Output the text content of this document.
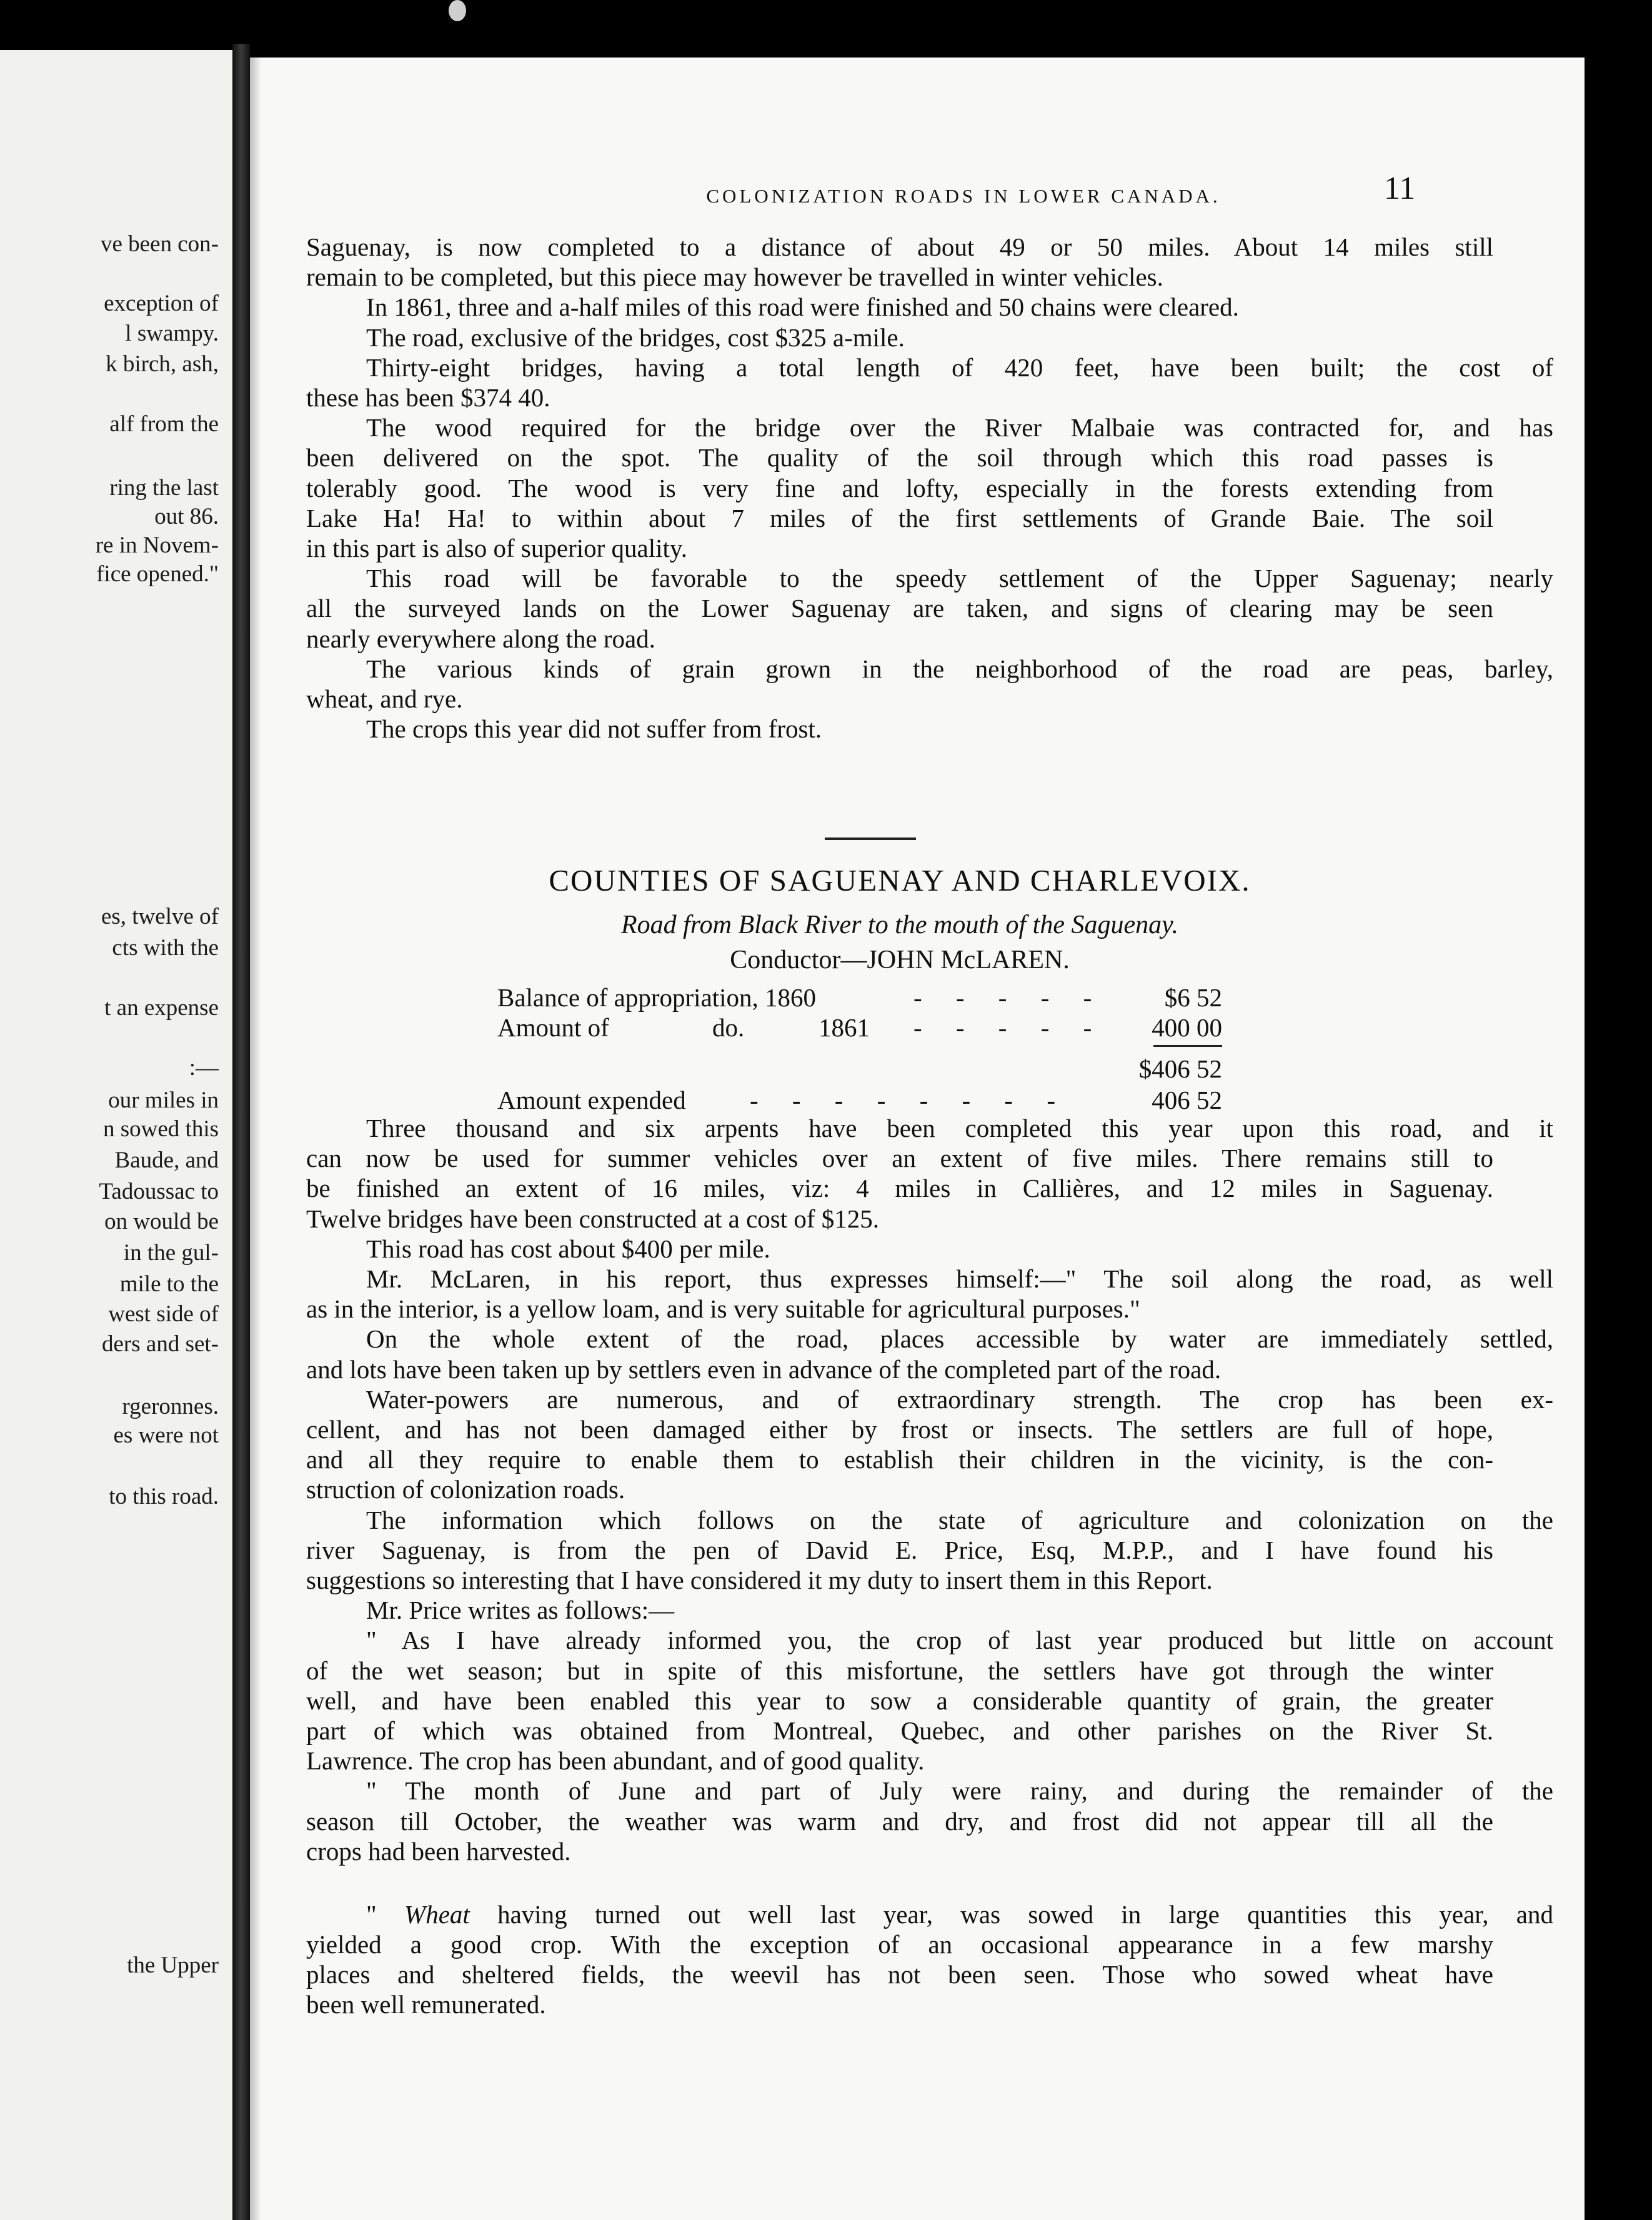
ve been con-
exception of
l swampy.
k birch, ash,
alf from the
ring the last
out 86.
re in Novem-
fice opened."
es, twelve of
cts with the
t an expense
:—
our miles in
n sowed this
Baude, and
Tadoussac to
on would be
in the gul-
mile to the
west side of
ders and set-
rgeronnes.
es were not
to this road.
the Upper
COLONIZATION ROADS IN LOWER CANADA.	11
Saguenay, is now completed to a distance of about 49 or 50 miles. About 14 miles still
remain to be completed, but this piece may however be travelled in winter vehicles.
In 1861, three and a-half miles of this road were finished and 50 chains were cleared.
The road, exclusive of the bridges, cost $325 a-mile.
Thirty-eight bridges, having a total length of 420 feet, have been built; the cost of
these has been $374 40.
The wood required for the bridge over the River Malbaie was contracted for, and has
been delivered on the spot. The quality of the soil through which this road passes is
tolerably good. The wood is very fine and lofty, especially in the forests extending from
Lake Ha! Ha! to within about 7 miles of the first settlements of Grande Baie. The soil
in this part is also of superior quality.
This road will be favorable to the speedy settlement of the Upper Saguenay; nearly
all the surveyed lands on the Lower Saguenay are taken, and signs of clearing may be seen
nearly everywhere along the road.
The various kinds of grain grown in the neighborhood of the road are peas, barley,
wheat, and rye.
The crops this year did not suffer from frost.
COUNTIES OF SAGUENAY AND CHARLEVOIX.
Road from Black River to the mouth of the Saguenay.
Conductor—JOHN McLAREN.
Balance of appropriation, 1860	- - - - -	$6 52
Amount of	do.	1861 - - - - -	400 00
$406 52
Amount expended - - - - - - - -	406 52
Three thousand and six arpents have been completed this year upon this road, and it
can now be used for summer vehicles over an extent of five miles. There remains still to
be finished an extent of 16 miles, viz: 4 miles in Callières, and 12 miles in Saguenay.
Twelve bridges have been constructed at a cost of $125.
This road has cost about $400 per mile.
Mr. McLaren, in his report, thus expresses himself:—" The soil along the road, as well
as in the interior, is a yellow loam, and is very suitable for agricultural purposes."
On the whole extent of the road, places accessible by water are immediately settled,
and lots have been taken up by settlers even in advance of the completed part of the road.
Water-powers are numerous, and of extraordinary strength. The crop has been ex-
cellent, and has not been damaged either by frost or insects. The settlers are full of hope,
and all they require to enable them to establish their children in the vicinity, is the con-
struction of colonization roads.
The information which follows on the state of agriculture and colonization on the
river Saguenay, is from the pen of David E. Price, Esq, M.P.P., and I have found his
suggestions so interesting that I have considered it my duty to insert them in this Report.
Mr. Price writes as follows:—
" As I have already informed you, the crop of last year produced but little on account
of the wet season; but in spite of this misfortune, the settlers have got through the winter
well, and have been enabled this year to sow a considerable quantity of grain, the greater
part of which was obtained from Montreal, Quebec, and other parishes on the River St.
Lawrence. The crop has been abundant, and of good quality.
" The month of June and part of July were rainy, and during the remainder of the
season till October, the weather was warm and dry, and frost did not appear till all the
crops had been harvested.
" Wheat having turned out well last year, was sowed in large quantities this year, and
yielded a good crop. With the exception of an occasional appearance in a few marshy
places and sheltered fields, the weevil has not been seen. Those who sowed wheat have
been well remunerated.
